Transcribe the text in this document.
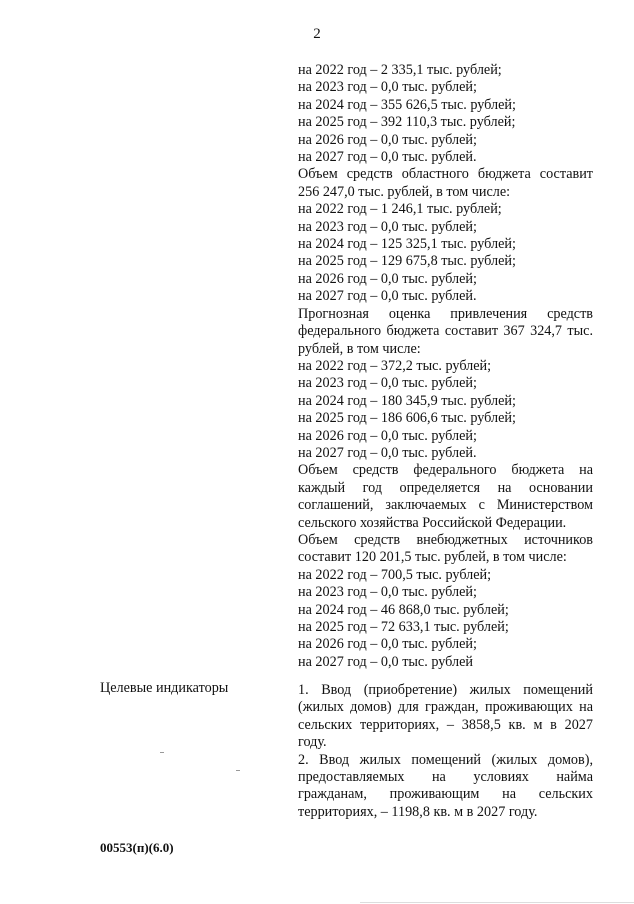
2

на 2022 год – 2 335,1 тыс. рублей;

на 2023 год – 0,0 тыс. рублей;

на 2024 год – 355 626,5 тыс. рублей;

на 2025 год – 392 110,3 тыс. рублей;

на 2026 год – 0,0 тыс. рублей;

на 2027 год – 0,0 тыс. рублей.

Объем средств областного бюджета составит 256 247,0 тыс. рублей, в том числе:

на 2022 год – 1 246,1 тыс. рублей;

на 2023 год – 0,0 тыс. рублей;

на 2024 год – 125 325,1 тыс. рублей;

на 2025 год – 129 675,8 тыс. рублей;

на 2026 год – 0,0 тыс. рублей;

на 2027 год – 0,0 тыс. рублей.

Прогнозная оценка привлечения средств федерального бюджета составит 367 324,7 тыс. рублей, в том числе:

на 2022 год – 372,2 тыс. рублей;

на 2023 год – 0,0 тыс. рублей;

на 2024 год – 180 345,9 тыс. рублей;

на 2025 год – 186 606,6 тыс. рублей;

на 2026 год – 0,0 тыс. рублей;

на 2027 год – 0,0 тыс. рублей.

Объем средств федерального бюджета на каждый год определяется на основании соглашений, заключаемых с Министерством сельского хозяйства Российской Федерации.

Объем средств внебюджетных источников составит 120 201,5 тыс. рублей, в том числе:

на 2022 год – 700,5 тыс. рублей;

на 2023 год – 0,0 тыс. рублей;

на 2024 год – 46 868,0 тыс. рублей;

на 2025 год – 72 633,1 тыс. рублей;

на 2026 год – 0,0 тыс. рублей;

на 2027 год – 0,0 тыс. рублей

Целевые индикаторы	1. Ввод (приобретение) жилых помещений (жилых домов) для граждан, проживающих на сельских территориях, – 3858,5 кв. м в 2027 году.

2. Ввод жилых помещений (жилых домов), предоставляемых на условиях найма гражданам, проживающим на сельских территориях, – 1198,8 кв. м в 2027 году.

00553(п)(6.0)
